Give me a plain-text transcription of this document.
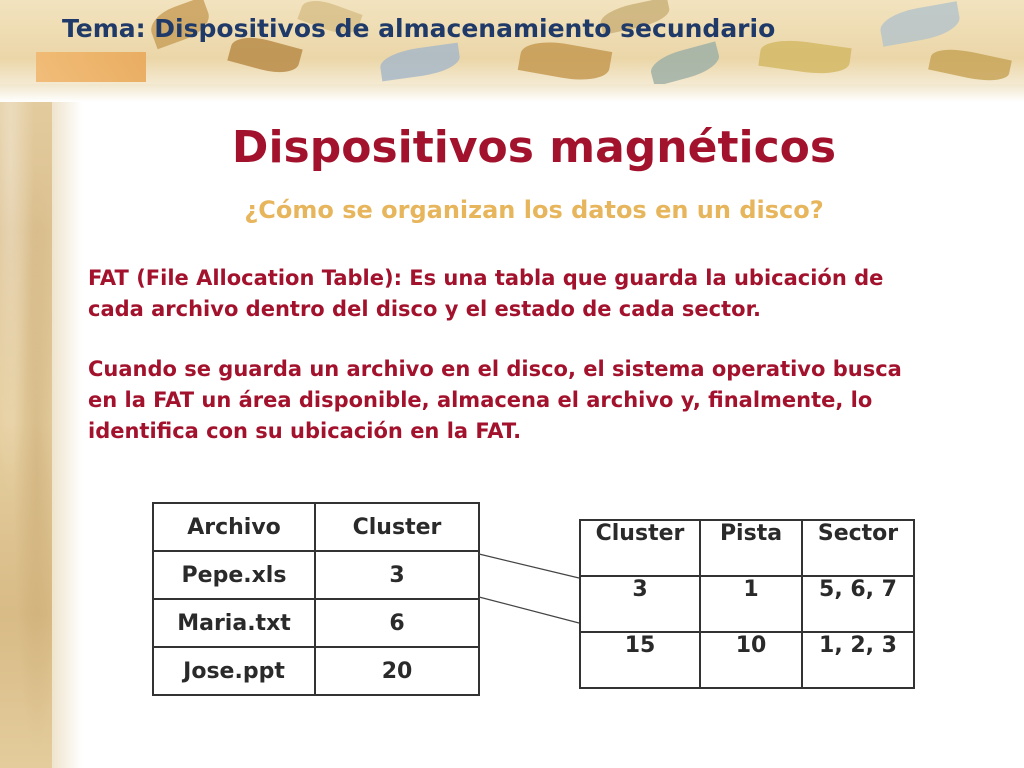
Tema: Dispositivos de almacenamiento secundario
Dispositivos magnéticos
¿Cómo se organizan los datos en un disco?
FAT (File Allocation Table): Es una tabla que guarda la ubicación de
cada archivo dentro del disco y el estado de cada sector.
Cuando se guarda un archivo en el disco, el sistema operativo busca
en la FAT un área disponible, almacena el archivo y, finalmente, lo
identifica con su ubicación en la FAT.
Archivo	Cluster
Pepe.xls	3
Maria.txt	6
Jose.ppt	20
Cluster	Pista	Sector
3	1	5, 6, 7
15	10	1, 2, 3
